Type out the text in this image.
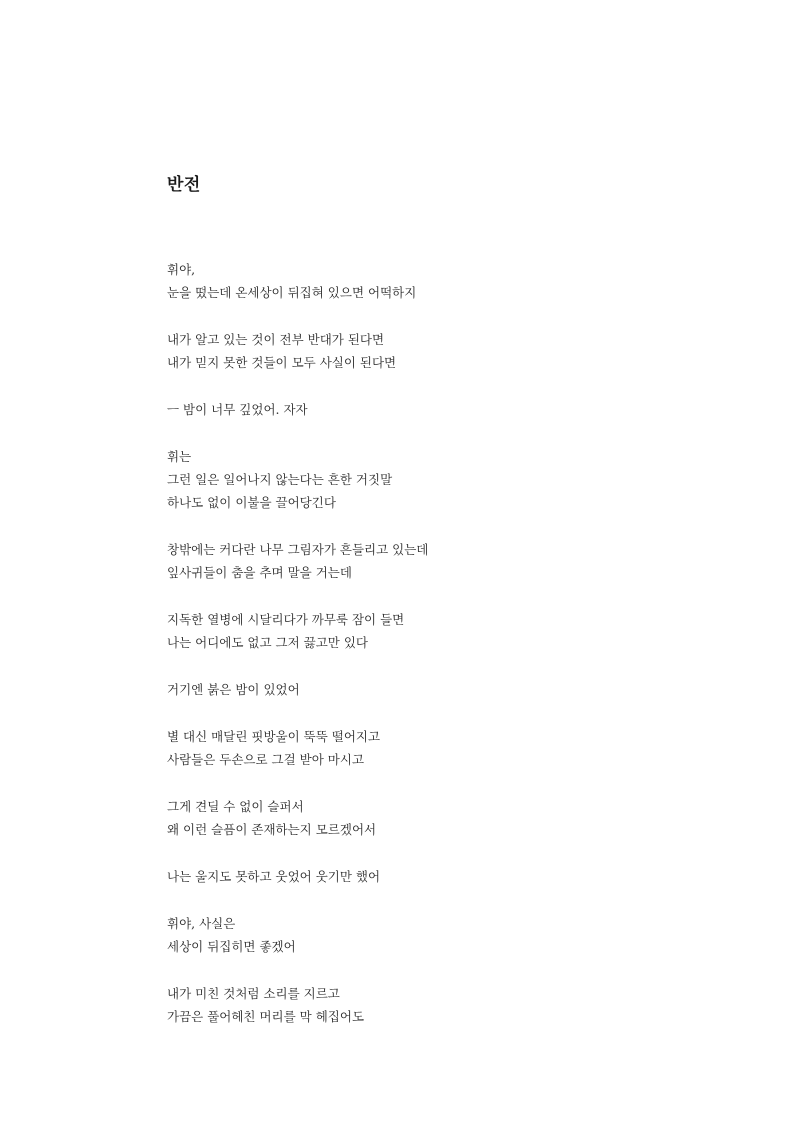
반전
휘야,
눈을 떴는데 온세상이 뒤집혀 있으면 어떡하지
내가 알고 있는 것이 전부 반대가 된다면
내가 믿지 못한 것들이 모두 사실이 된다면
ㅡ 밤이 너무 깊었어. 자자
휘는
그런 일은 일어나지 않는다는 흔한 거짓말
하나도 없이 이불을 끌어당긴다
창밖에는 커다란 나무 그림자가 흔들리고 있는데
잎사귀들이 춤을 추며 말을 거는데
지독한 열병에 시달리다가 까무룩 잠이 들면
나는 어디에도 없고 그저 끓고만 있다
거기엔 붉은 밤이 있었어
별 대신 매달린 핏방울이 뚝뚝 떨어지고
사람들은 두손으로 그걸 받아 마시고
그게 견딜 수 없이 슬퍼서
왜 이런 슬픔이 존재하는지 모르겠어서
나는 울지도 못하고 웃었어 웃기만 했어
휘야, 사실은
세상이 뒤집히면 좋겠어
내가 미친 것처럼 소리를 지르고
가끔은 풀어헤친 머리를 막 헤집어도
